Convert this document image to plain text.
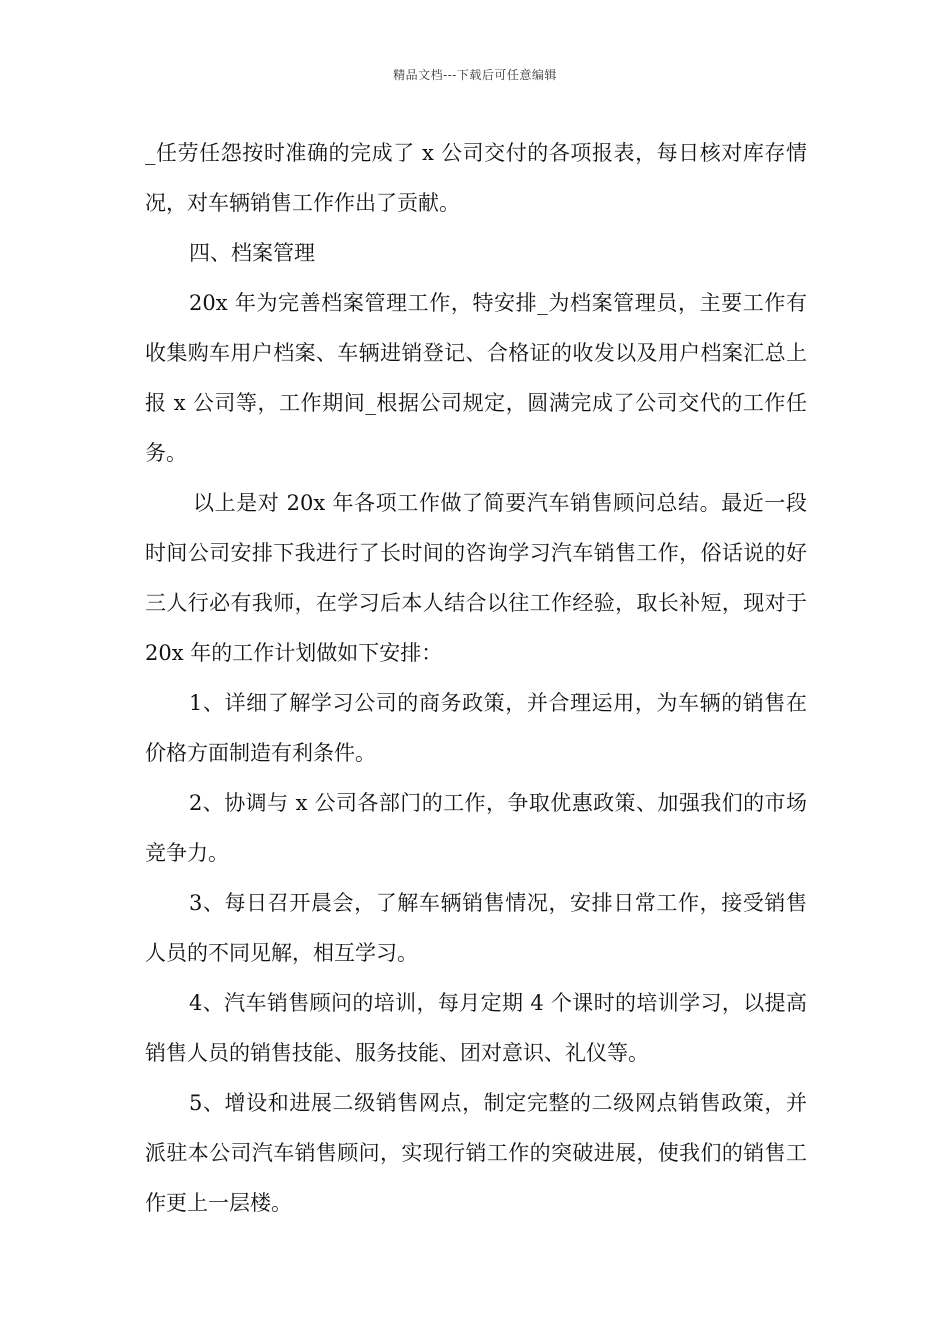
精品文档---下载后可任意编辑

_任劳任怨按时准确的完成了 x 公司交付的各项报表，每日核对库存情况，对车辆销售工作作出了贡献。

四、档案管理

20x 年为完善档案管理工作，特安排_为档案管理员，主要工作有收集购车用户档案、车辆进销登记、合格证的收发以及用户档案汇总上报 x 公司等，工作期间_根据公司规定，圆满完成了公司交代的工作任务。

以上是对 20x 年各项工作做了简要汽车销售顾问总结。最近一段时间公司安排下我进行了长时间的咨询学习汽车销售工作，俗话说的好三人行必有我师，在学习后本人结合以往工作经验，取长补短，现对于 20x 年的工作计划做如下安排：

1、详细了解学习公司的商务政策，并合理运用，为车辆的销售在价格方面制造有利条件。

2、协调与 x 公司各部门的工作，争取优惠政策、加强我们的市场竞争力。

3、每日召开晨会，了解车辆销售情况，安排日常工作，接受销售人员的不同见解，相互学习。

4、汽车销售顾问的培训，每月定期 4 个课时的培训学习，以提高销售人员的销售技能、服务技能、团对意识、礼仪等。

5、增设和进展二级销售网点，制定完整的二级网点销售政策，并派驻本公司汽车销售顾问，实现行销工作的突破进展，使我们的销售工作更上一层楼。
